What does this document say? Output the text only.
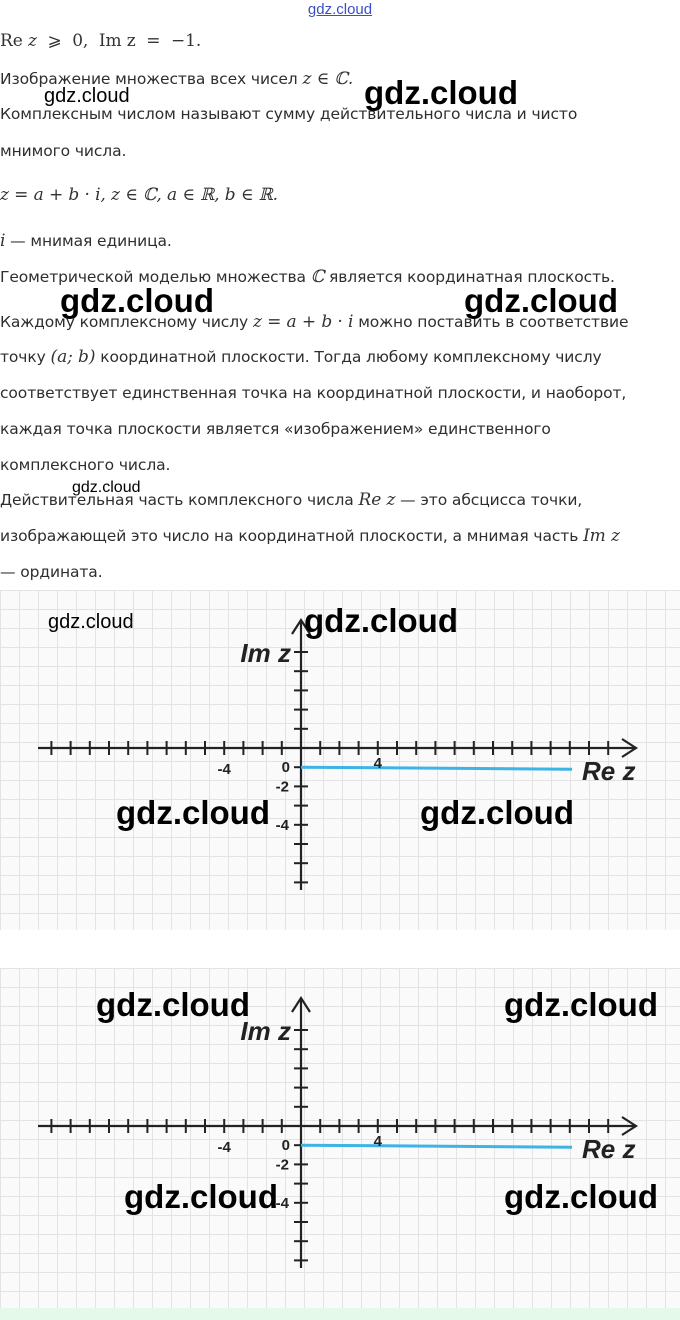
gdz.cloud
Re z ⩾ 0, Im z = −1.
Изображение множества всех чисел z ∈ ℂ.
Комплексным числом называют сумму действительного числа и чисто
мнимого числа.
z = a + b · i, z ∈ ℂ, a ∈ ℝ, b ∈ ℝ.
i — мнимая единица.
Геометрической моделью множества ℂ является координатная плоскость.
Каждому комплексному числу z = a + b · i можно поставить в соответствие
точку (a; b) координатной плоскости. Тогда любому комплексному числу
соответствует единственная точка на координатной плоскости, и наоборот,
каждая точка плоскости является «изображением» единственного
комплексного числа.
Действительная часть комплексного числа Re z — это абсцисса точки,
изображающей это число на координатной плоскости, а мнимая часть Im z
— ордината.
Im z
Re z
0
-4	4
-2
-4
Im z
Re z
0
-4	4
-2
-4
gdz.cloud	gdz.cloud
gdz.cloud	gdz.cloud
gdz.cloud
gdz.cloud	gdz.cloud
gdz.cloud	gdz.cloud
gdz.cloud	gdz.cloud
gdz.cloud	gdz.cloud
